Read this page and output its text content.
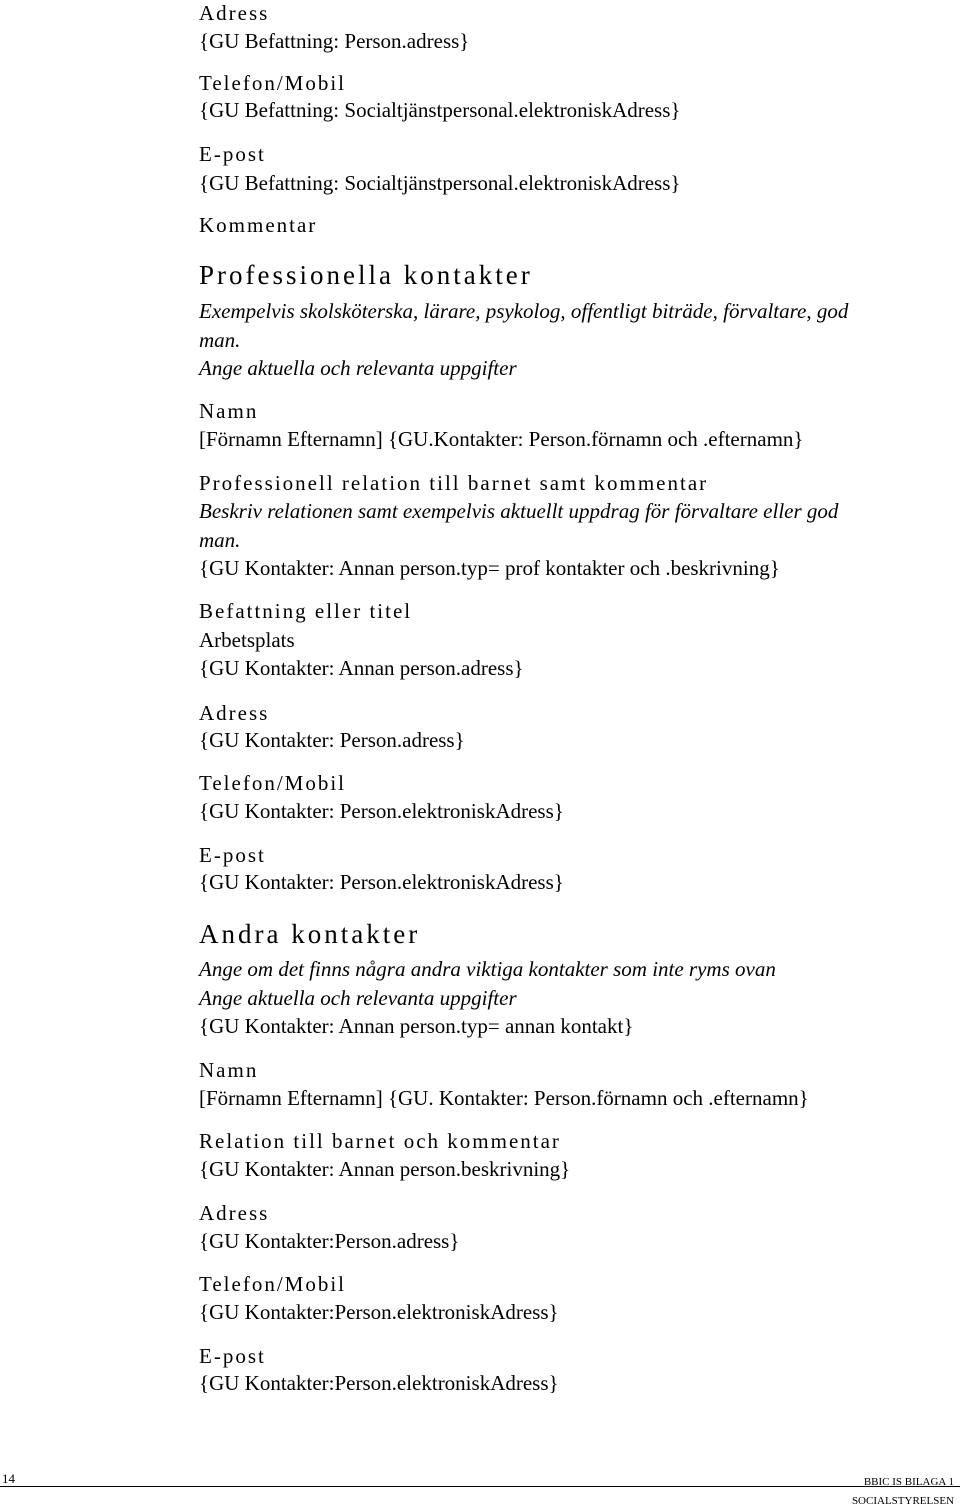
Adress

{GU Befattning: Person.adress}

Telefon/Mobil

{GU Befattning: Socialtjänstpersonal.elektroniskAdress}

E-post

{GU Befattning: Socialtjänstpersonal.elektroniskAdress}

Kommentar

Professionella kontakter

Exempelvis skolsköterska, lärare, psykolog, offentligt biträde, förvaltare, god

man.

Ange aktuella och relevanta uppgifter

Namn

[Förnamn Efternamn] {GU.Kontakter: Person.förnamn och .efternamn}

Professionell relation till barnet samt kommentar

Beskriv relationen samt exempelvis aktuellt uppdrag för förvaltare eller god

man.

{GU Kontakter: Annan person.typ= prof kontakter och .beskrivning}

Befattning eller titel

Arbetsplats

{GU Kontakter: Annan person.adress}

Adress

{GU Kontakter: Person.adress}

Telefon/Mobil

{GU Kontakter: Person.elektroniskAdress}

E-post

{GU Kontakter: Person.elektroniskAdress}

Andra kontakter

Ange om det finns några andra viktiga kontakter som inte ryms ovan

Ange aktuella och relevanta uppgifter

{GU Kontakter: Annan person.typ= annan kontakt}

Namn

[Förnamn Efternamn] {GU. Kontakter: Person.förnamn och .efternamn}

Relation till barnet och kommentar

{GU Kontakter: Annan person.beskrivning}

Adress

{GU Kontakter:Person.adress}

Telefon/Mobil

{GU Kontakter:Person.elektroniskAdress}

E-post

{GU Kontakter:Person.elektroniskAdress}

14	BBIC IS BILAGA 1
SOCIALSTYRELSEN
